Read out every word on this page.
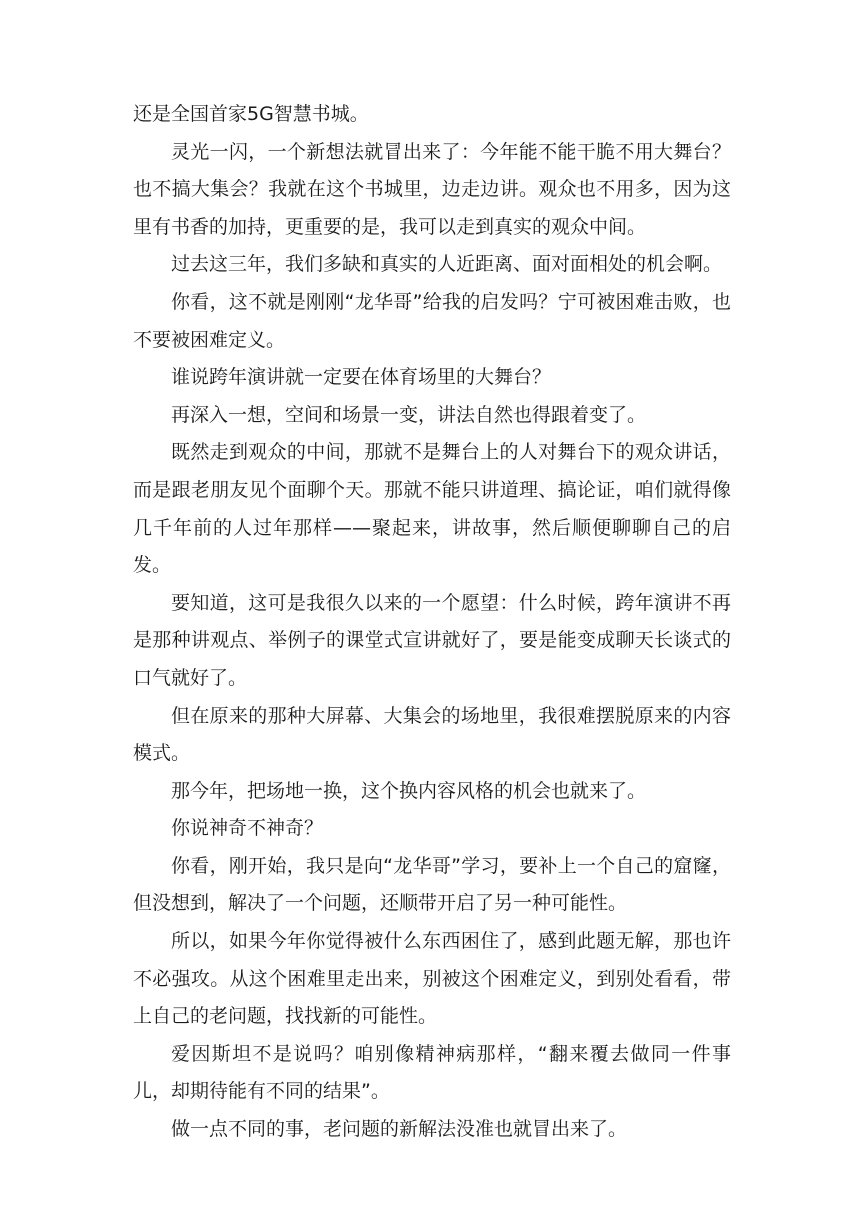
还是全国首家5G智慧书城。

灵光一闪，一个新想法就冒出来了：今年能不能干脆不用大舞台？也不搞大集会？我就在这个书城里，边走边讲。观众也不用多，因为这里有书香的加持，更重要的是，我可以走到真实的观众中间。

过去这三年，我们多缺和真实的人近距离、面对面相处的机会啊。

你看，这不就是刚刚“龙华哥”给我的启发吗？宁可被困难击败，也不要被困难定义。

谁说跨年演讲就一定要在体育场里的大舞台？

再深入一想，空间和场景一变，讲法自然也得跟着变了。

既然走到观众的中间，那就不是舞台上的人对舞台下的观众讲话，而是跟老朋友见个面聊个天。那就不能只讲道理、搞论证，咱们就得像几千年前的人过年那样——聚起来，讲故事，然后顺便聊聊自己的启发。

要知道，这可是我很久以来的一个愿望：什么时候，跨年演讲不再是那种讲观点、举例子的课堂式宣讲就好了，要是能变成聊天长谈式的口气就好了。

但在原来的那种大屏幕、大集会的场地里，我很难摆脱原来的内容模式。

那今年，把场地一换，这个换内容风格的机会也就来了。

你说神奇不神奇？

你看，刚开始，我只是向“龙华哥”学习，要补上一个自己的窟窿，但没想到，解决了一个问题，还顺带开启了另一种可能性。

所以，如果今年你觉得被什么东西困住了，感到此题无解，那也许不必强攻。从这个困难里走出来，别被这个困难定义，到别处看看，带上自己的老问题，找找新的可能性。

爱因斯坦不是说吗？咱别像精神病那样，“翻来覆去做同一件事儿，却期待能有不同的结果”。

做一点不同的事，老问题的新解法没准也就冒出来了。
